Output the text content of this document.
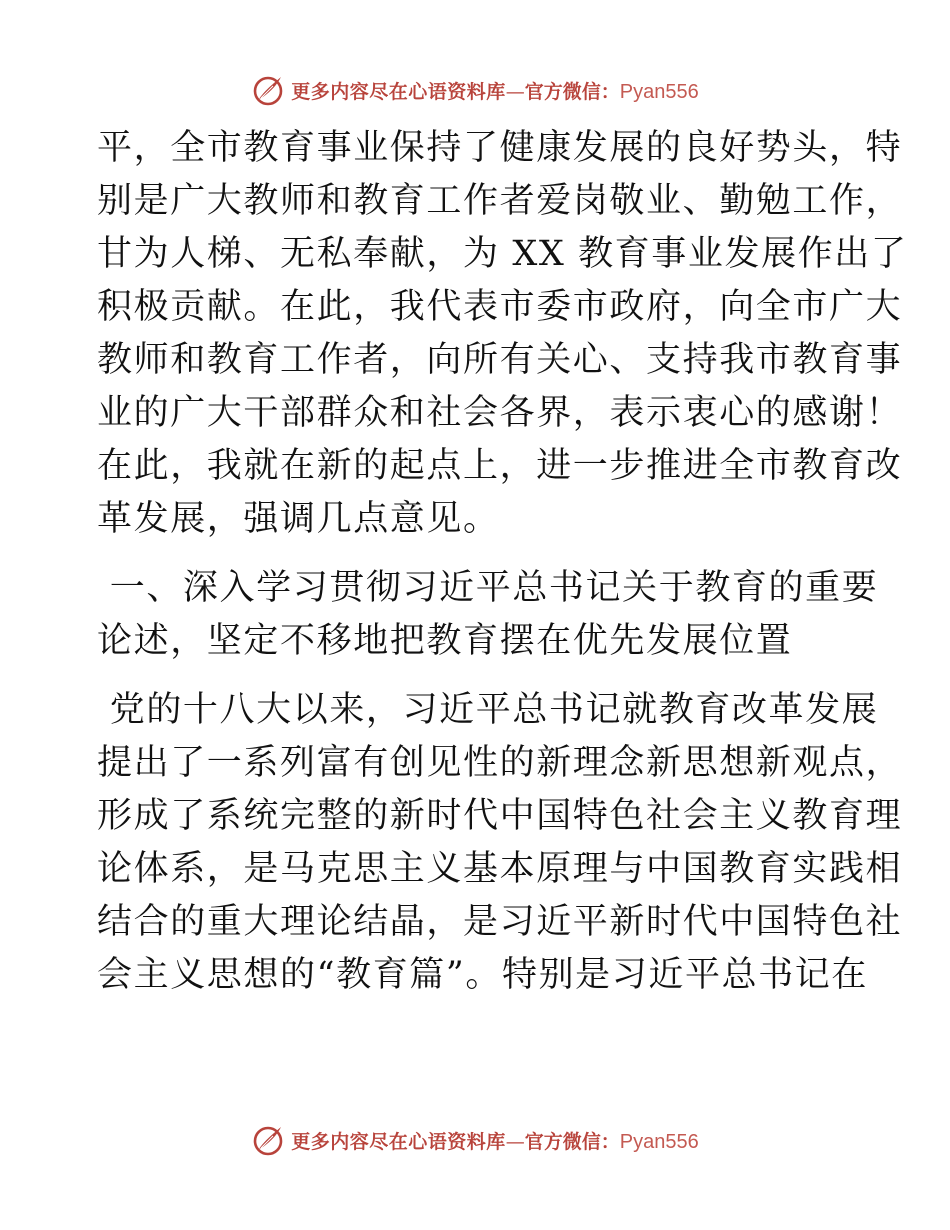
更多内容尽在心语资料库 — 官方微信： Pyan556

平，全市教育事业保持了健康发展的良好势头，特
别是广大教师和教育工作者爱岗敬业、勤勉工作，
甘为人梯、无私奉献，为 XX 教育事业发展作出了
积极贡献。在此，我代表市委市政府，向全市广大
教师和教育工作者，向所有关心、支持我市教育事
业的广大干部群众和社会各界，表示衷心的感谢！
在此，我就在新的起点上，进一步推进全市教育改
革发展，强调几点意见。

一、深入学习贯彻习近平总书记关于教育的重要
论述，坚定不移地把教育摆在优先发展位置

党的十八大以来，习近平总书记就教育改革发展
提出了一系列富有创见性的新理念新思想新观点，
形成了系统完整的新时代中国特色社会主义教育理
论体系，是马克思主义基本原理与中国教育实践相
结合的重大理论结晶，是习近平新时代中国特色社
会主义思想的“教育篇”。特别是习近平总书记在

更多内容尽在心语资料库 — 官方微信： Pyan556
